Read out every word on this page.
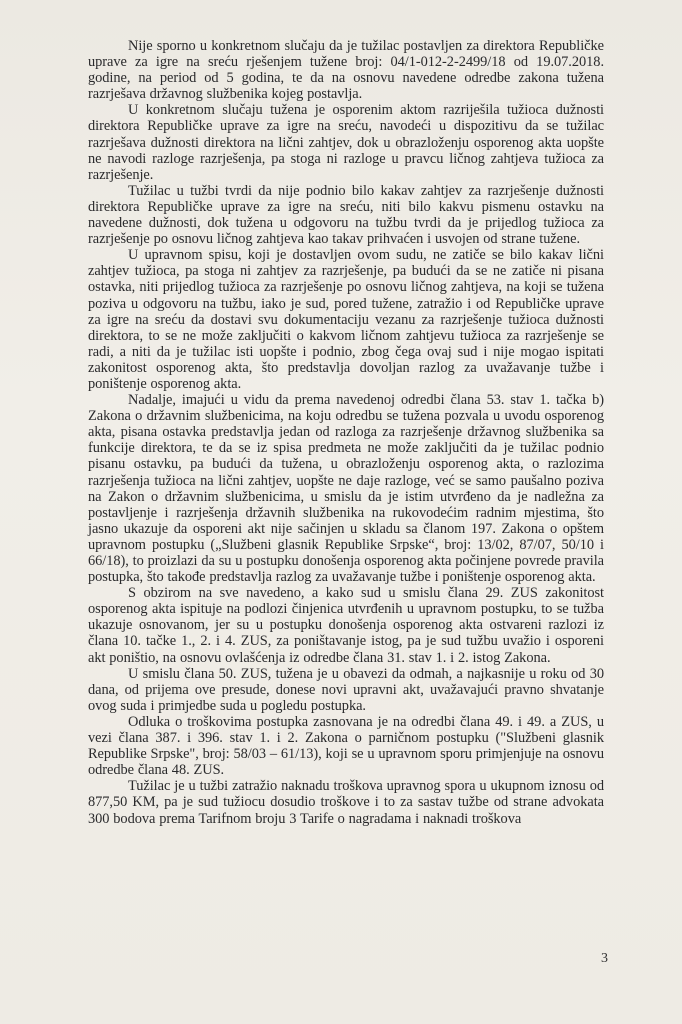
Nije sporno u konkretnom slučaju da je tužilac postavljen za direktora Republičke uprave za igre na sreću rješenjem tužene broj: 04/1-012-2-2499/18 od 19.07.2018. godine, na period od 5 godina, te da na osnovu navedene odredbe zakona tužena razrješava državnog službenika kojeg postavlja.

U konkretnom slučaju tužena je osporenim aktom razriješila tužioca dužnosti direktora Republičke uprave za igre na sreću, navodeći u dispozitivu da se tužilac razrješava dužnosti direktora na lični zahtjev, dok u obrazloženju osporenog akta uopšte ne navodi razloge razrješenja, pa stoga ni razloge u pravcu ličnog zahtjeva tužioca za razrješenje.

Tužilac u tužbi tvrdi da nije podnio bilo kakav zahtjev za razrješenje dužnosti direktora Republičke uprave za igre na sreću, niti bilo kakvu pismenu ostavku na navedene dužnosti, dok tužena u odgovoru na tužbu tvrdi da je prijedlog tužioca za razrješenje po osnovu ličnog zahtjeva kao takav prihvaćen i usvojen od strane tužene.

U upravnom spisu, koji je dostavljen ovom sudu, ne zatiče se bilo kakav lični zahtjev tužioca, pa stoga ni zahtjev za razrješenje, pa budući da se ne zatiče ni pisana ostavka, niti prijedlog tužioca za razrješenje po osnovu ličnog zahtjeva, na koji se tužena poziva u odgovoru na tužbu, iako je sud, pored tužene, zatražio i od Republičke uprave za igre na sreću da dostavi svu dokumentaciju vezanu za razrješenje tužioca dužnosti direktora, to se ne može zaključiti o kakvom ličnom zahtjevu tužioca za razrješenje se radi, a niti da je tužilac isti uopšte i podnio, zbog čega ovaj sud i nije mogao ispitati zakonitost osporenog akta, što predstavlja dovoljan razlog za uvažavanje tužbe i poništenje osporenog akta.

Nadalje, imajući u vidu da prema navedenoj odredbi člana 53. stav 1. tačka b) Zakona o državnim službenicima, na koju odredbu se tužena pozvala u uvodu osporenog akta, pisana ostavka predstavlja jedan od razloga za razrješenje državnog službenika sa funkcije direktora, te da se iz spisa predmeta ne može zaključiti da je tužilac podnio pisanu ostavku, pa budući da tužena, u obrazloženju osporenog akta, o razlozima razrješenja tužioca na lični zahtjev, uopšte ne daje razloge, već se samo paušalno poziva na Zakon o državnim službenicima, u smislu da je istim utvrđeno da je nadležna za postavljenje i razrješenja državnih službenika na rukovodećim radnim mjestima, što jasno ukazuje da osporeni akt nije sačinjen u skladu sa članom 197. Zakona o opštem upravnom postupku („Službeni glasnik Republike Srpske“, broj: 13/02, 87/07, 50/10 i 66/18), to proizlazi da su u postupku donošenja osporenog akta počinjene povrede pravila postupka, što takođe predstavlja razlog za uvažavanje tužbe i poništenje osporenog akta.

S obzirom na sve navedeno, a kako sud u smislu člana 29. ZUS zakonitost osporenog akta ispituje na podlozi činjenica utvrđenih u upravnom postupku, to se tužba ukazuje osnovanom, jer su u postupku donošenja osporenog akta ostvareni razlozi iz člana 10. tačke 1., 2. i 4. ZUS, za poništavanje istog, pa je sud tužbu uvažio i osporeni akt poništio, na osnovu ovlašćenja iz odredbe člana 31. stav 1. i 2. istog Zakona.

U smislu člana 50. ZUS, tužena je u obavezi da odmah, a najkasnije u roku od 30 dana, od prijema ove presude, donese novi upravni akt, uvažavajući pravno shvatanje ovog suda i primjedbe suda u pogledu postupka.

Odluka o troškovima postupka zasnovana je na odredbi člana 49. i 49. a ZUS, u vezi člana 387. i 396. stav 1. i 2. Zakona o parničnom postupku ("Službeni glasnik Republike Srpske", broj: 58/03 – 61/13), koji se u upravnom sporu primjenjuje na osnovu odredbe člana 48. ZUS.

Tužilac je u tužbi zatražio naknadu troškova upravnog spora u ukupnom iznosu od 877,50 KM, pa je sud tužiocu dosudio troškove i to za sastav tužbe od strane advokata 300 bodova prema Tarifnom broju 3 Tarife o nagradama i naknadi troškova

3
